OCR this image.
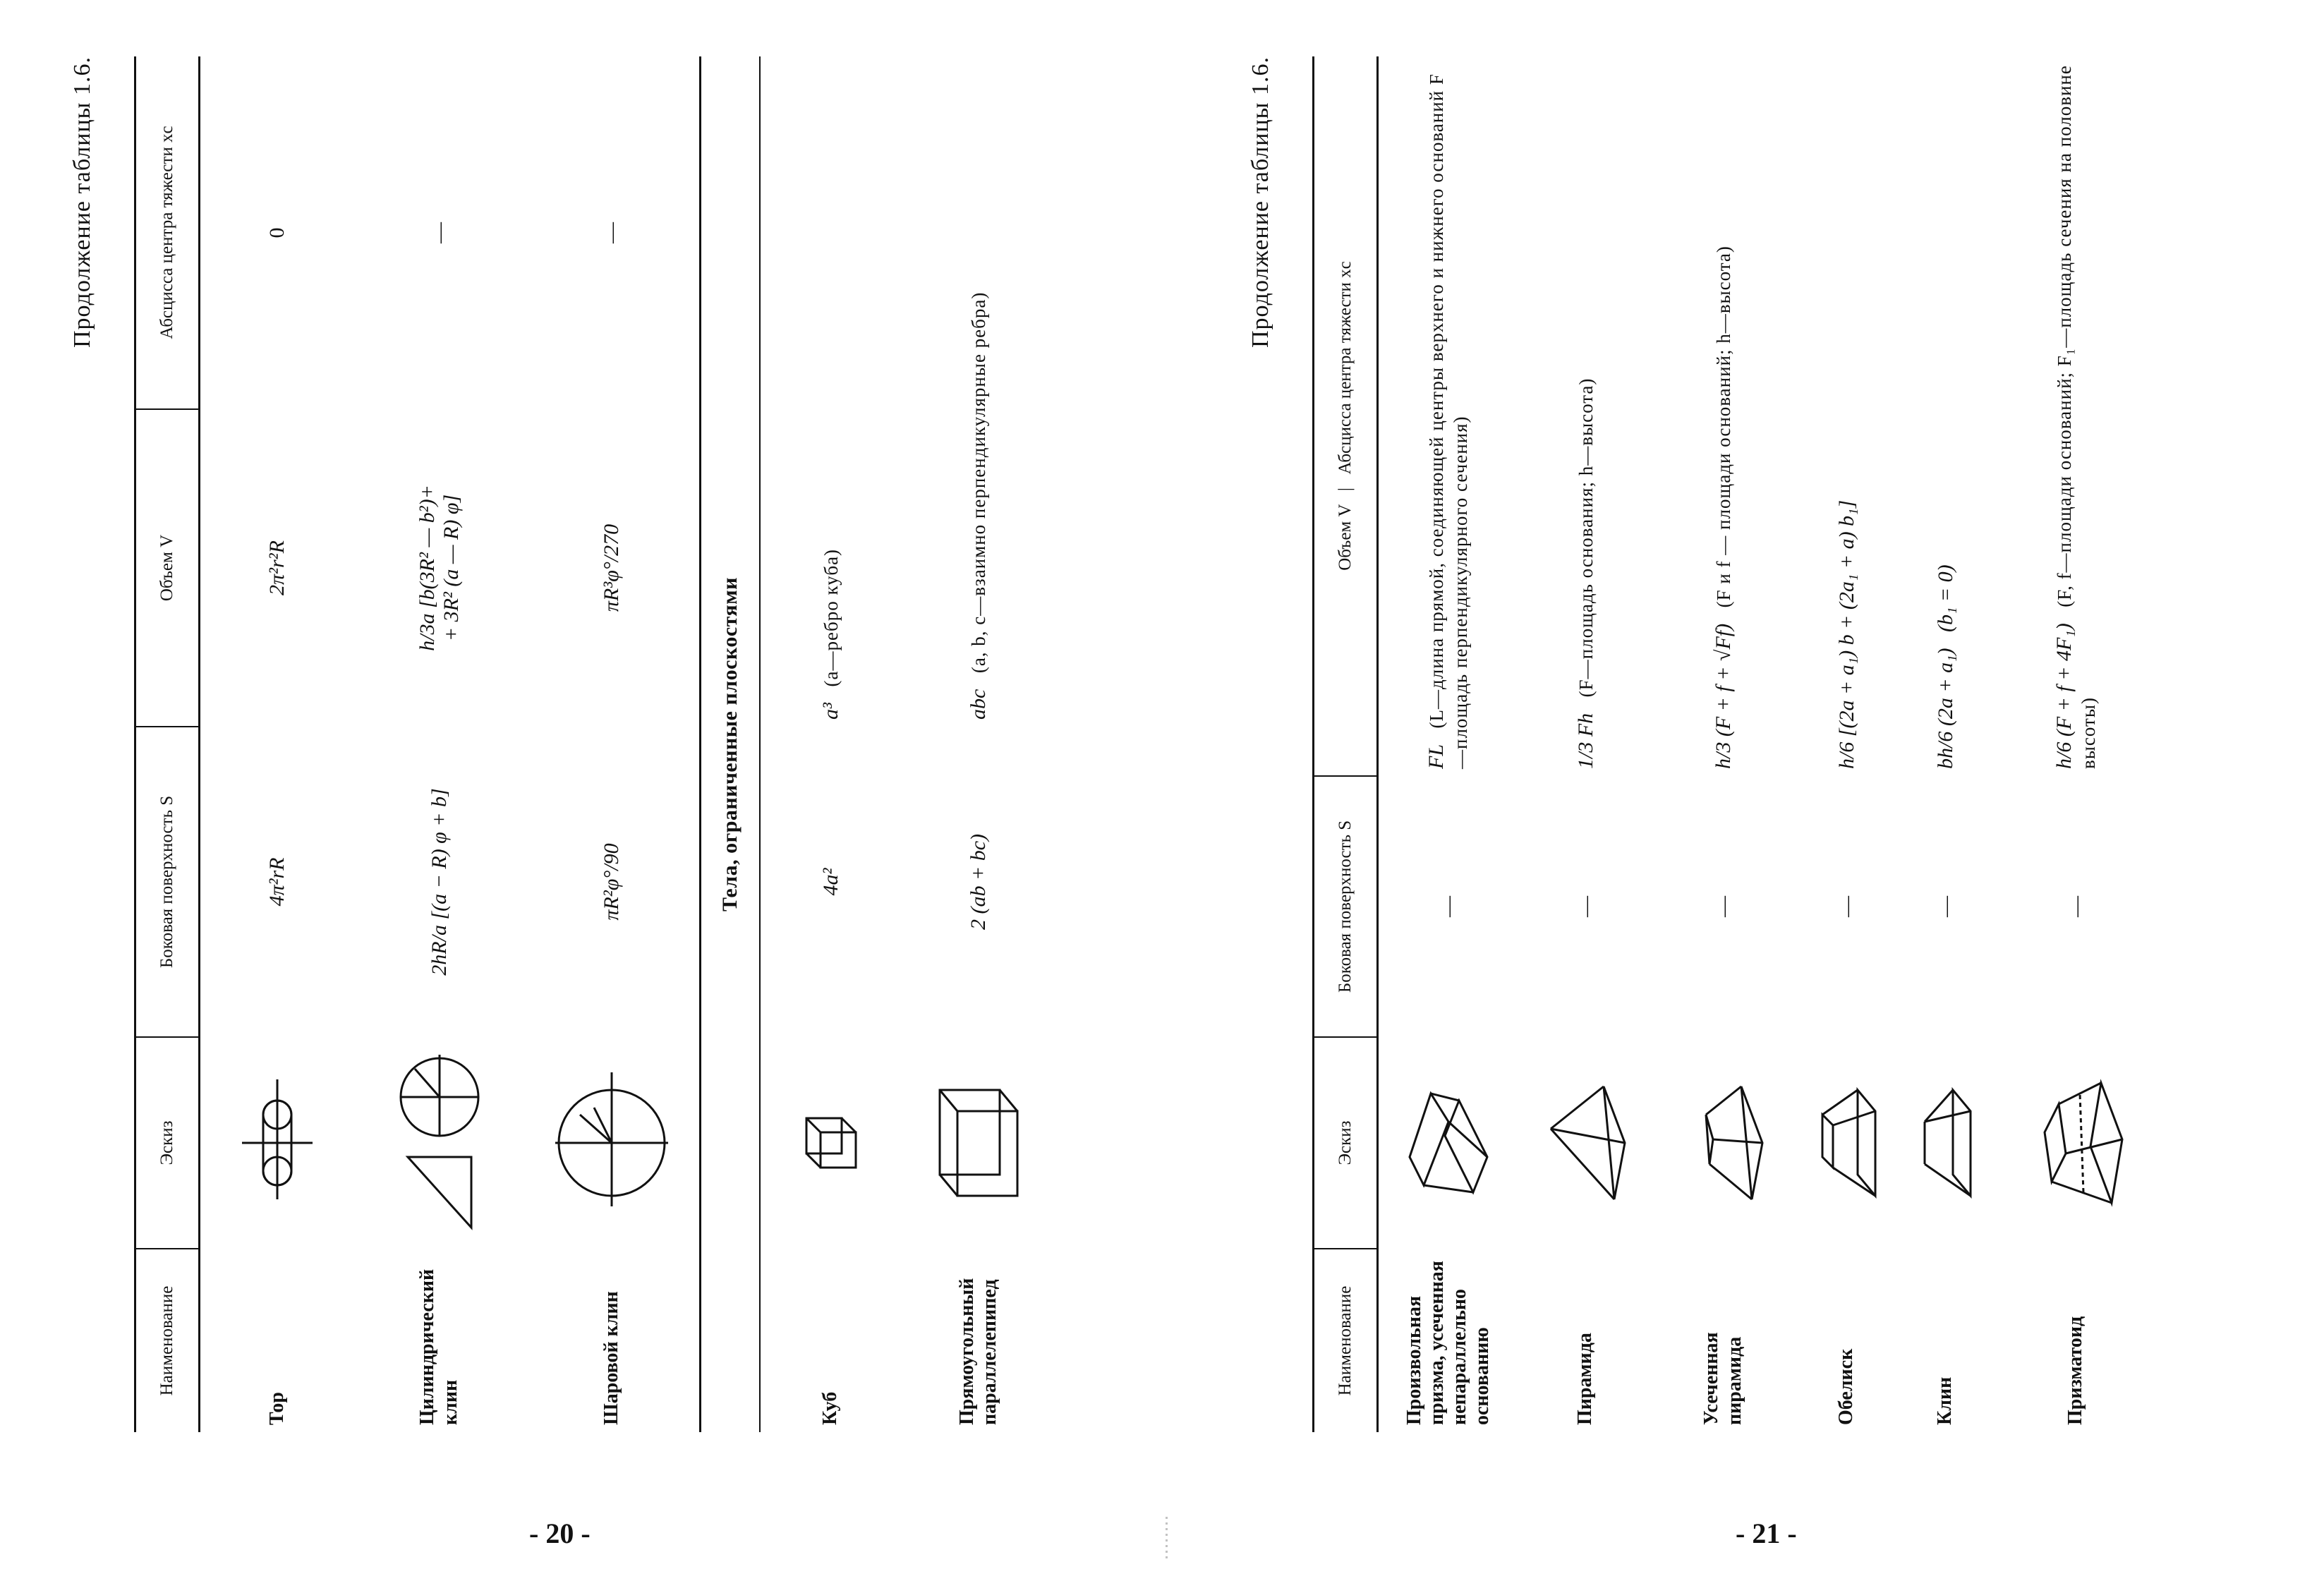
Продолжение таблицы 1.6.
Наименование	Эскиз	Боковая поверхность S	Объем V	Абсцисса центра тяжести xc
Тор		4π²rR	2π²r²R	0
Цилиндрический клин		2hR/a [(a − R) φ + b]	h/3a [b(3R² — b²)+ + 3R² (a — R) φ]	—
Шаровой клин		πR²φ°/90	πR³φ°/270	—
Тела, ограниченные плоскостями				
Куб		4a²	a³   (a—ребро куба)	
Прямоугольный параллелепипед		2 (ab + bc)	abc   (a, b, c—взаимно перпендикулярные ребра)	
- 20 -
Продолжение таблицы 1.6.
Наименование	Эскиз	Боковая поверхность S	Объем V   |   Абсцисса центра тяжести xc
Произвольная призма, усеченная непараллельно основанию		—	FL   (L—длина прямой, соединяющей центры верхнего и нижнего оснований F—площадь перпендикулярного сечения)
Пирамида		—	1/3 Fh   (F—площадь основания; h—высота)
Усеченная пирамида		—	h/3 (F + f + √Ff)   (F и f — площади оснований; h—высота)
Обелиск		—	h/6 [(2a + a₁) b + (2a₁ + a) b₁]
Клин		—	bh/6 (2a + a₁)   (b₁ = 0)
Призматоид		—	h/6 (F + f + 4F₁)   (F, f—площади оснований; F₁—площадь сечения на половине высоты)
- 21 -
